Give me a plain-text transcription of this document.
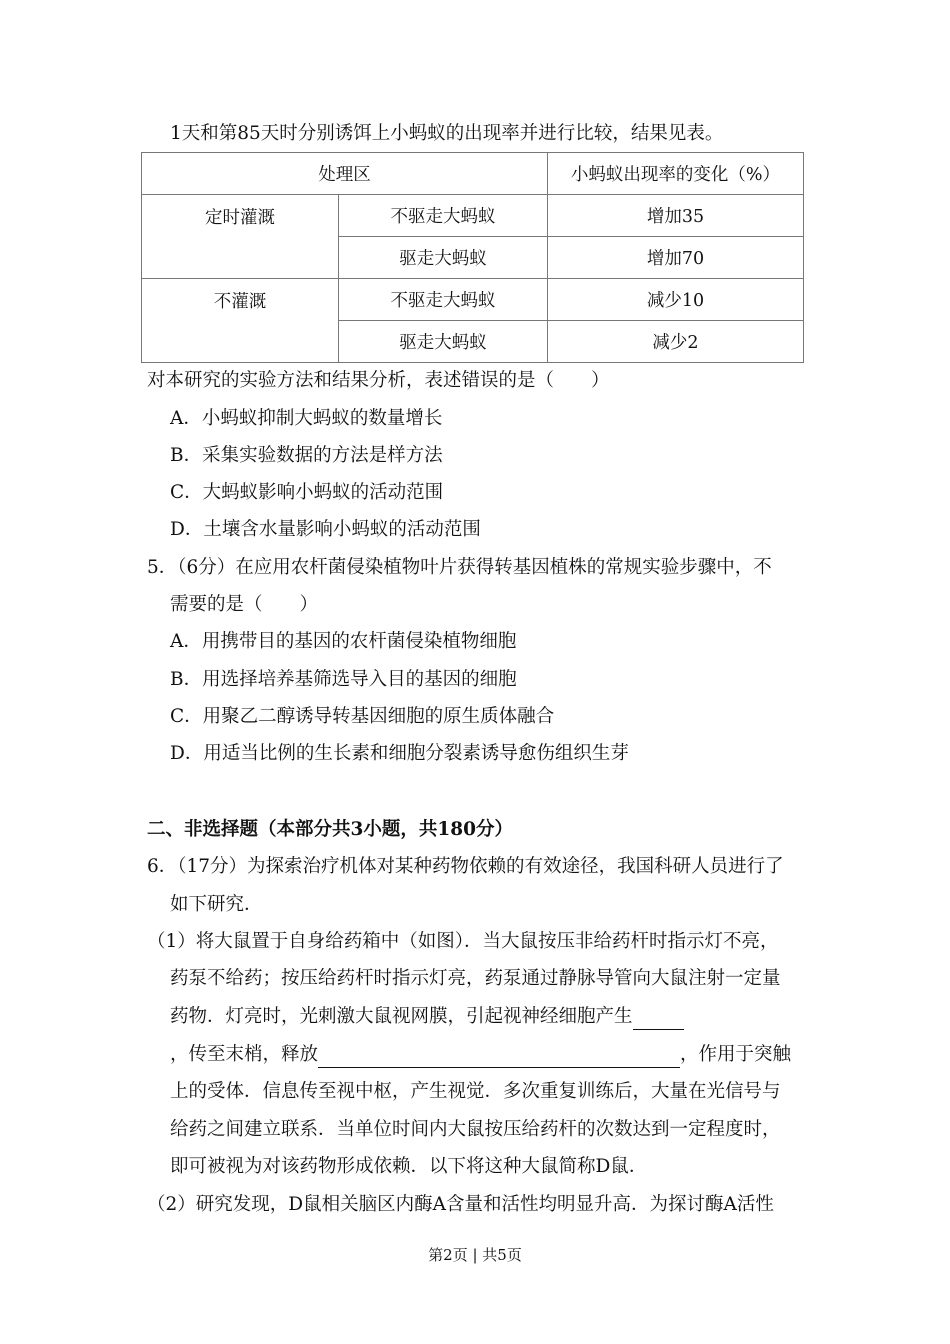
1天和第85天时分别诱饵上小蚂蚁的出现率并进行比较，结果见表。
处理区		小蚂蚁出现率的变化（%）
定时灌溉	不驱走大蚂蚁	增加35
	驱走大蚂蚁	增加70
不灌溉	不驱走大蚂蚁	减少10
	驱走大蚂蚁	减少2
对本研究的实验方法和结果分析，表述错误的是（　　）
A．小蚂蚁抑制大蚂蚁的数量增长
B．采集实验数据的方法是样方法
C．大蚂蚁影响小蚂蚁的活动范围
D．土壤含水量影响小蚂蚁的活动范围
5．（6分）在应用农杆菌侵染植物叶片获得转基因植株的常规实验步骤中，不
需要的是（　　）
A．用携带目的基因的农杆菌侵染植物细胞
B．用选择培养基筛选导入目的基因的细胞
C．用聚乙二醇诱导转基因细胞的原生质体融合
D．用适当比例的生长素和细胞分裂素诱导愈伤组织生芽
二、非选择题（本部分共3小题，共180分）
6．（17分）为探索治疗机体对某种药物依赖的有效途径，我国科研人员进行了
如下研究．
（1）将大鼠置于自身给药箱中（如图）．当大鼠按压非给药杆时指示灯不亮，
药泵不给药；按压给药杆时指示灯亮，药泵通过静脉导管向大鼠注射一定量
药物．灯亮时，光刺激大鼠视网膜，引起视神经细胞产生
，传至末梢，释放	，作用于突触
上的受体．信息传至视中枢，产生视觉．多次重复训练后，大量在光信号与
给药之间建立联系．当单位时间内大鼠按压给药杆的次数达到一定程度时，
即可被视为对该药物形成依赖．以下将这种大鼠简称D鼠．
（2）研究发现，D鼠相关脑区内酶A含量和活性均明显升高．为探讨酶A活性
第2页 | 共5页
